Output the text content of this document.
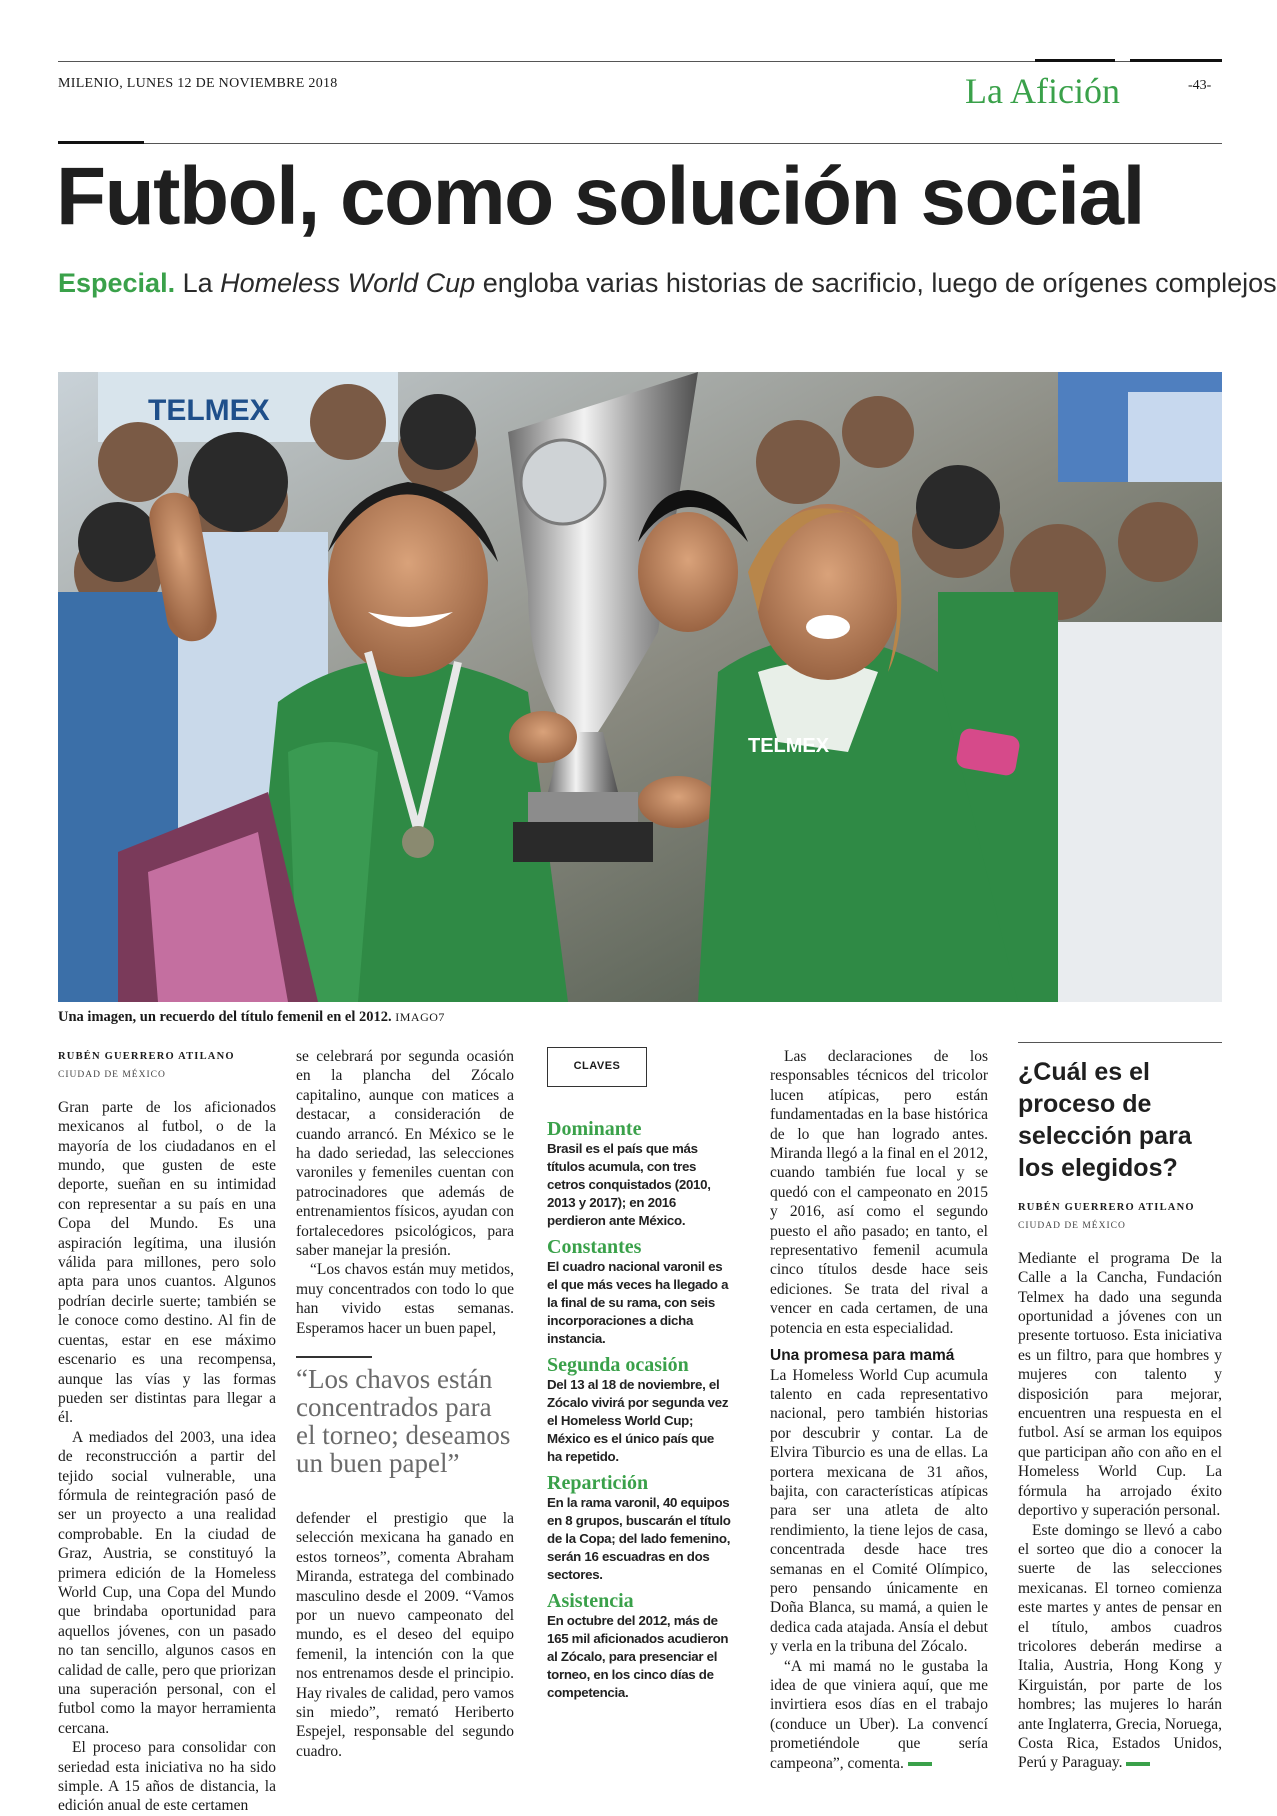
MILENIO, LUNES 12 DE NOVIEMBRE 2018	La Afición	-43-
Futbol, como solución social
Especial. La Homeless World Cup engloba varias historias de sacrificio, luego de orígenes complejos
TELMEX
TELMEX
Una imagen, un recuerdo del título femenil en el 2012. IMAGO7
RUBÉN GUERRERO ATILANO
CIUDAD DE MÉXICO

Gran parte de los aficionados mexicanos al futbol, o de la mayoría de los ciudadanos en el mundo, que gusten de este deporte, sueñan en su intimidad con representar a su país en una Copa del Mundo. Es una aspiración legítima, una ilusión válida para millones, pero solo apta para unos cuantos. Algunos podrían decirle suerte; también se le conoce como destino. Al fin de cuentas, estar en ese máximo escenario es una recompensa, aunque las vías y las formas pueden ser distintas para llegar a él.

A mediados del 2003, una idea de reconstrucción a partir del tejido social vulnerable, una fórmula de reintegración pasó de ser un proyecto a una realidad comprobable. En la ciudad de Graz, Austria, se constituyó la primera edición de la Homeless World Cup, una Copa del Mundo que brindaba oportunidad para aquellos jóvenes, con un pasado no tan sencillo, algunos casos en calidad de calle, pero que priorizan una superación personal, con el futbol como la mayor herramienta cercana.

El proceso para consolidar con seriedad esta iniciativa no ha sido simple. A 15 años de distancia, la edición anual de este certamen

se celebrará por segunda ocasión en la plancha del Zócalo capitalino, aunque con matices a destacar, a consideración de cuando arrancó. En México se le ha dado seriedad, las selecciones varoniles y femeniles cuentan con patrocinadores que además de entrenamientos físicos, ayudan con fortalecedores psicológicos, para saber manejar la presión.

“Los chavos están muy metidos, muy concentrados con todo lo que han vivido estas semanas. Esperamos hacer un buen papel,

“Los chavos están concentrados para el torneo; deseamos un buen papel”

defender el prestigio que la selección mexicana ha ganado en estos torneos”, comenta Abraham Miranda, estratega del combinado masculino desde el 2009. “Vamos por un nuevo campeonato del mundo, es el deseo del equipo femenil, la intención con la que nos entrenamos desde el principio. Hay rivales de calidad, pero vamos sin miedo”, remató Heriberto Espejel, responsable del segundo cuadro.

CLAVES
Dominante
Brasil es el país que más títulos acumula, con tres cetros conquistados (2010, 2013 y 2017); en 2016 perdieron ante México.
Constantes
El cuadro nacional varonil es el que más veces ha llegado a la final de su rama, con seis incorporaciones a dicha instancia.
Segunda ocasión
Del 13 al 18 de noviembre, el Zócalo vivirá por segunda vez el Homeless World Cup; México es el único país que ha repetido.
Repartición
En la rama varonil, 40 equipos en 8 grupos, buscarán el título de la Copa; del lado femenino, serán 16 escuadras en dos sectores.
Asistencia
En octubre del 2012, más de 165 mil aficionados acudieron al Zócalo, para presenciar el torneo, en los cinco días de competencia.

Las declaraciones de los responsables técnicos del tricolor lucen atípicas, pero están fundamentadas en la base histórica de lo que han logrado antes. Miranda llegó a la final en el 2012, cuando también fue local y se quedó con el campeonato en 2015 y 2016, así como el segundo puesto el año pasado; en tanto, el representativo femenil acumula cinco títulos desde hace seis ediciones. Se trata del rival a vencer en cada certamen, de una potencia en esta especialidad.

Una promesa para mamá

La Homeless World Cup acumula talento en cada representativo nacional, pero también historias por descubrir y contar. La de Elvira Tiburcio es una de ellas. La portera mexicana de 31 años, bajita, con características atípicas para ser una atleta de alto rendimiento, la tiene lejos de casa, concentrada desde hace tres semanas en el Comité Olímpico, pero pensando únicamente en Doña Blanca, su mamá, a quien le dedica cada atajada. Ansía el debut y verla en la tribuna del Zócalo.

“A mi mamá no le gustaba la idea de que viniera aquí, que me invirtiera esos días en el trabajo (conduce un Uber). La convencí prometiéndole que sería campeona”, comenta.

¿Cuál es el proceso de selección para los elegidos?
RUBÉN GUERRERO ATILANO
CIUDAD DE MÉXICO

Mediante el programa De la Calle a la Cancha, Fundación Telmex ha dado una segunda oportunidad a jóvenes con un presente tortuoso. Esta iniciativa es un filtro, para que hombres y mujeres con talento y disposición para mejorar, encuentren una respuesta en el futbol. Así se arman los equipos que participan año con año en el Homeless World Cup. La fórmula ha arrojado éxito deportivo y superación personal.

Este domingo se llevó a cabo el sorteo que dio a conocer la suerte de las selecciones mexicanas. El torneo comienza este martes y antes de pensar en el título, ambos cuadros tricolores deberán medirse a Italia, Austria, Hong Kong y Kirguistán, por parte de los hombres; las mujeres lo harán ante Inglaterra, Grecia, Noruega, Costa Rica, Estados Unidos, Perú y Paraguay.
